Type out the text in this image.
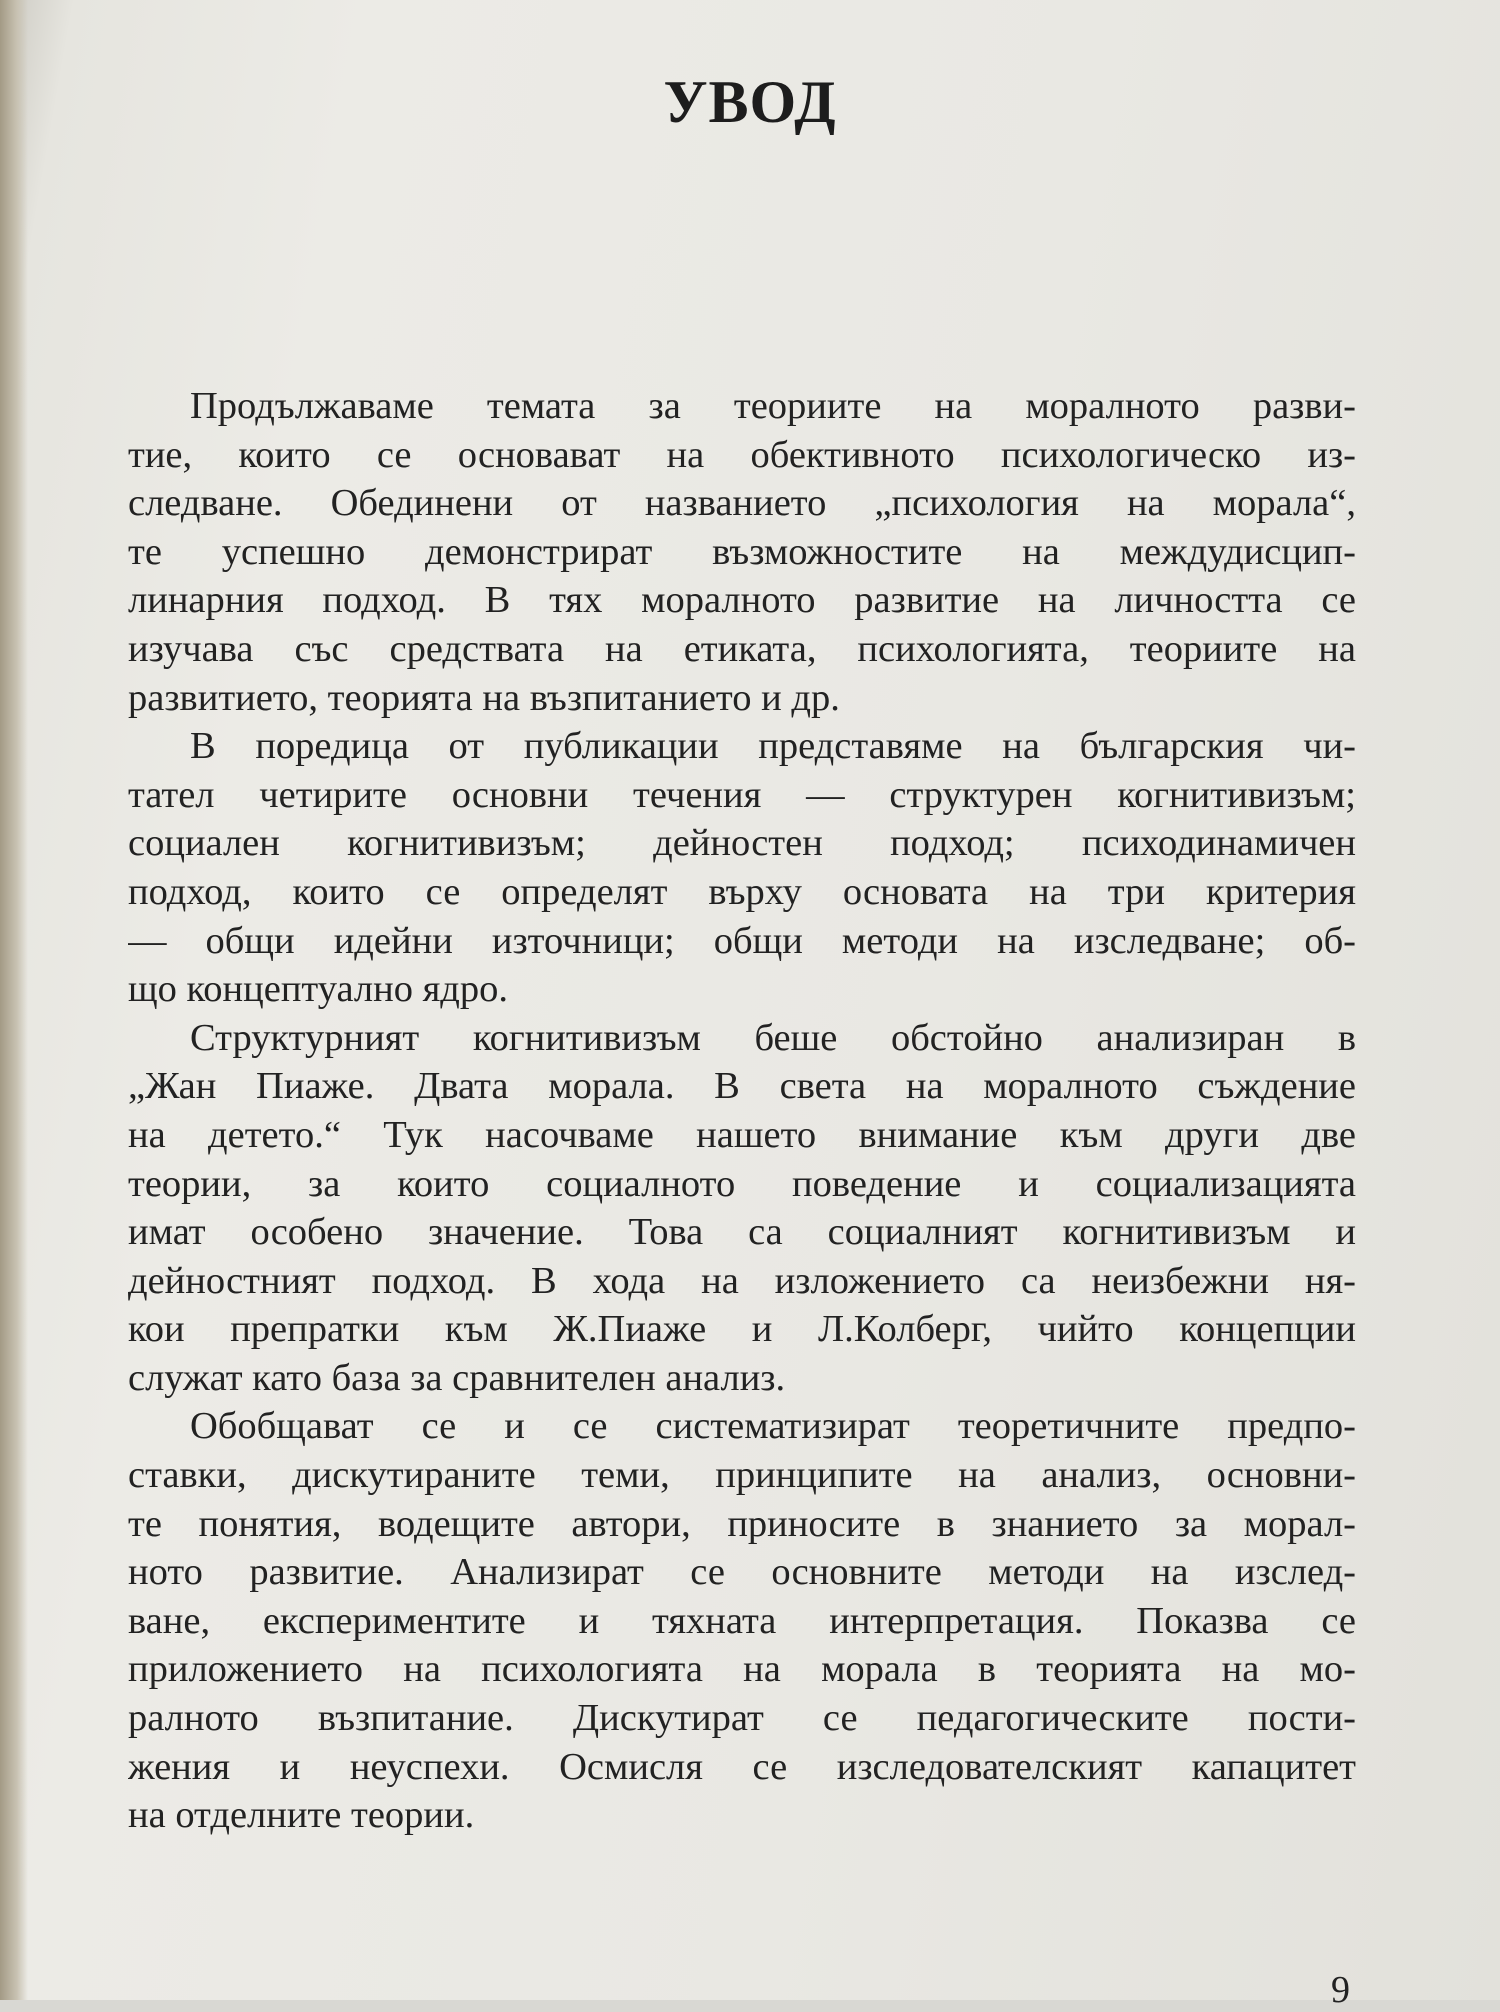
УВОД
Продължаваме темата за теориите на моралното разви-
тие, които се основават на обективното психологическо из-
следване. Обединени от названието „психология на морала“,
те успешно демонстрират възможностите на междудисцип-
линарния подход. В тях моралното развитие на личността се
изучава със средствата на етиката, психологията, теориите на
развитието, теорията на възпитанието и др.
В поредица от публикации представяме на българския чи-
тател четирите основни течения — структурен когнитивизъм;
социален когнитивизъм; дейностен подход; психодинамичен
подход, които се определят върху основата на три критерия
— общи идейни източници; общи методи на изследване; об-
що концептуално ядро.
Структурният когнитивизъм беше обстойно анализиран в
„Жан Пиаже. Двата морала. В света на моралното съждение
на детето.“ Тук насочваме нашето внимание към други две
теории, за които социалното поведение и социализацията
имат особено значение. Това са социалният когнитивизъм и
дейностният подход. В хода на изложението са неизбежни ня-
кои препратки към Ж.Пиаже и Л.Колберг, чийто концепции
служат като база за сравнителен анализ.
Обобщават се и се систематизират теоретичните предпо-
ставки, дискутираните теми, принципите на анализ, основни-
те понятия, водещите автори, приносите в знанието за морал-
ното развитие. Анализират се основните методи на изслед-
ване, експериментите и тяхната интерпретация. Показва се
приложението на психологията на морала в теорията на мо-
ралното възпитание. Дискутират се педагогическите пости-
жения и неуспехи. Осмисля се изследователският капацитет
на отделните теории.

9
